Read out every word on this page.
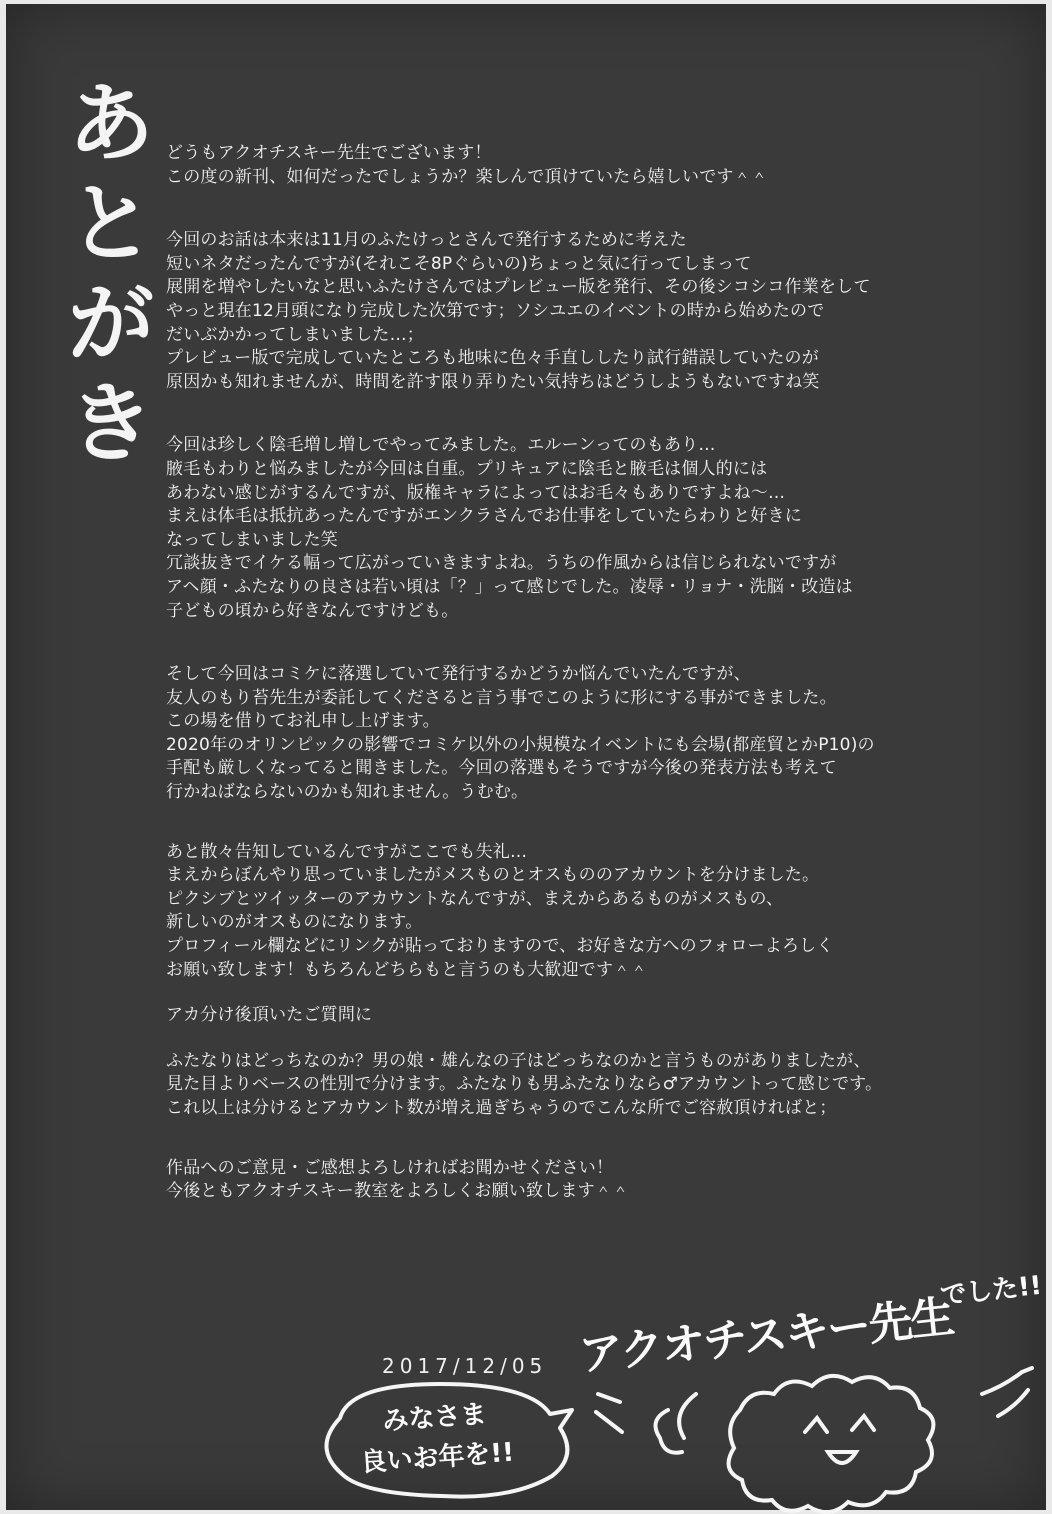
あ
と
が
き
どうもアクオチスキー先生でございます！
この度の新刊、如何だったでしょうか？楽しんで頂けていたら嬉しいです＾＾
今回のお話は本来は11月のふたけっとさんで発行するために考えた
短いネタだったんですが(それこそ8Pぐらいの)ちょっと気に行ってしまって
展開を増やしたいなと思いふたけさんではプレビュー版を発行、その後シコシコ作業をして
やっと現在12月頭になり完成した次第です；ソシユエのイベントの時から始めたので
だいぶかかってしまいました…；
プレビュー版で完成していたところも地味に色々手直ししたり試行錯誤していたのが
原因かも知れませんが、時間を許す限り弄りたい気持ちはどうしようもないですね笑
今回は珍しく陰毛増し増しでやってみました。エルーンってのもあり…
腋毛もわりと悩みましたが今回は自重。プリキュアに陰毛と腋毛は個人的には
あわない感じがするんですが、版権キャラによってはお毛々もありですよね～…
まえは体毛は抵抗あったんですがエンクラさんでお仕事をしていたらわりと好きに
なってしまいました笑
冗談抜きでイケる幅って広がっていきますよね。うちの作風からは信じられないですが
アヘ顔・ふたなりの良さは若い頃は「？」って感じでした。凌辱・リョナ・洗脳・改造は
子どもの頃から好きなんですけども。
そして今回はコミケに落選していて発行するかどうか悩んでいたんですが、
友人のもり苔先生が委託してくださると言う事でこのように形にする事ができました。
この場を借りてお礼申し上げます。
2020年のオリンピックの影響でコミケ以外の小規模なイベントにも会場(都産貿とかP10)の
手配も厳しくなってると聞きました。今回の落選もそうですが今後の発表方法も考えて
行かねばならないのかも知れません。うむむ。
あと散々告知しているんですがここでも失礼…
まえからぼんやり思っていましたがメスものとオスもののアカウントを分けました。
ピクシブとツイッターのアカウントなんですが、まえからあるものがメスもの、
新しいのがオスものになります。
プロフィール欄などにリンクが貼っておりますので、お好きな方へのフォローよろしく
お願い致します！もちろんどちらもと言うのも大歓迎です＾＾
アカ分け後頂いたご質問に
ふたなりはどっちなのか？男の娘・雄んなの子はどっちなのかと言うものがありましたが、
見た目よりベースの性別で分けます。ふたなりも男ふたなりなら♂アカウントって感じです。
これ以上は分けるとアカウント数が増え過ぎちゃうのでこんな所でご容赦頂ければと；
作品へのご意見・ご感想よろしければお聞かせください！
今後ともアクオチスキー教室をよろしくお願い致します＾＾
アクオチスキー先生
でした!!
みなさま
良いお年を!!
2017/12/05
